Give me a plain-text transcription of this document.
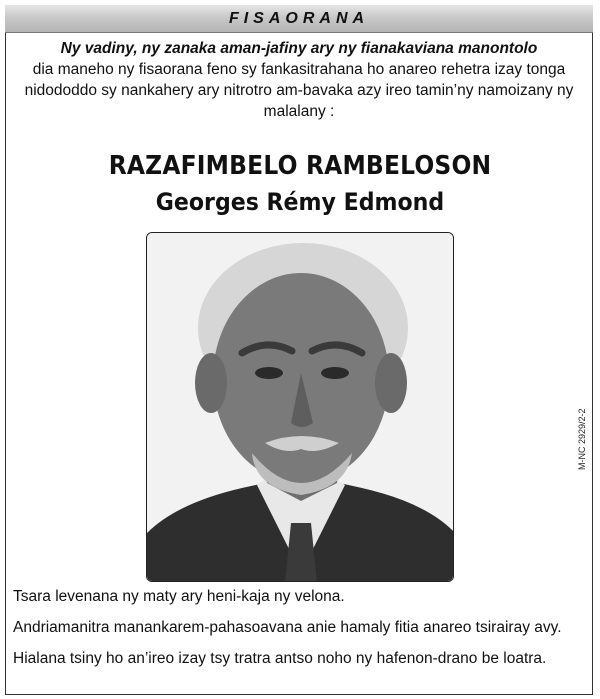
FISAORANA
Ny vadiny, ny zanaka aman-jafiny ary ny fianakaviana manontolo
dia maneho ny fisaorana feno sy fankasitrahana ho anareo rehetra izay tonga nidododdo sy nankahery ary nitrotro am-bavaka azy ireo tamin’ny namoizany ny malalany :
RAZAFIMBELO RAMBELOSON
Georges Rémy Edmond
M-NC 2929/2-2

Tsara levenana ny maty ary heni-kaja ny velona.

Andriamanitra manankarem-pahasoavana anie hamaly fitia anareo tsirairay avy.

Hialana tsiny ho an’ireo izay tsy tratra antso noho ny hafenon-drano be loatra.
